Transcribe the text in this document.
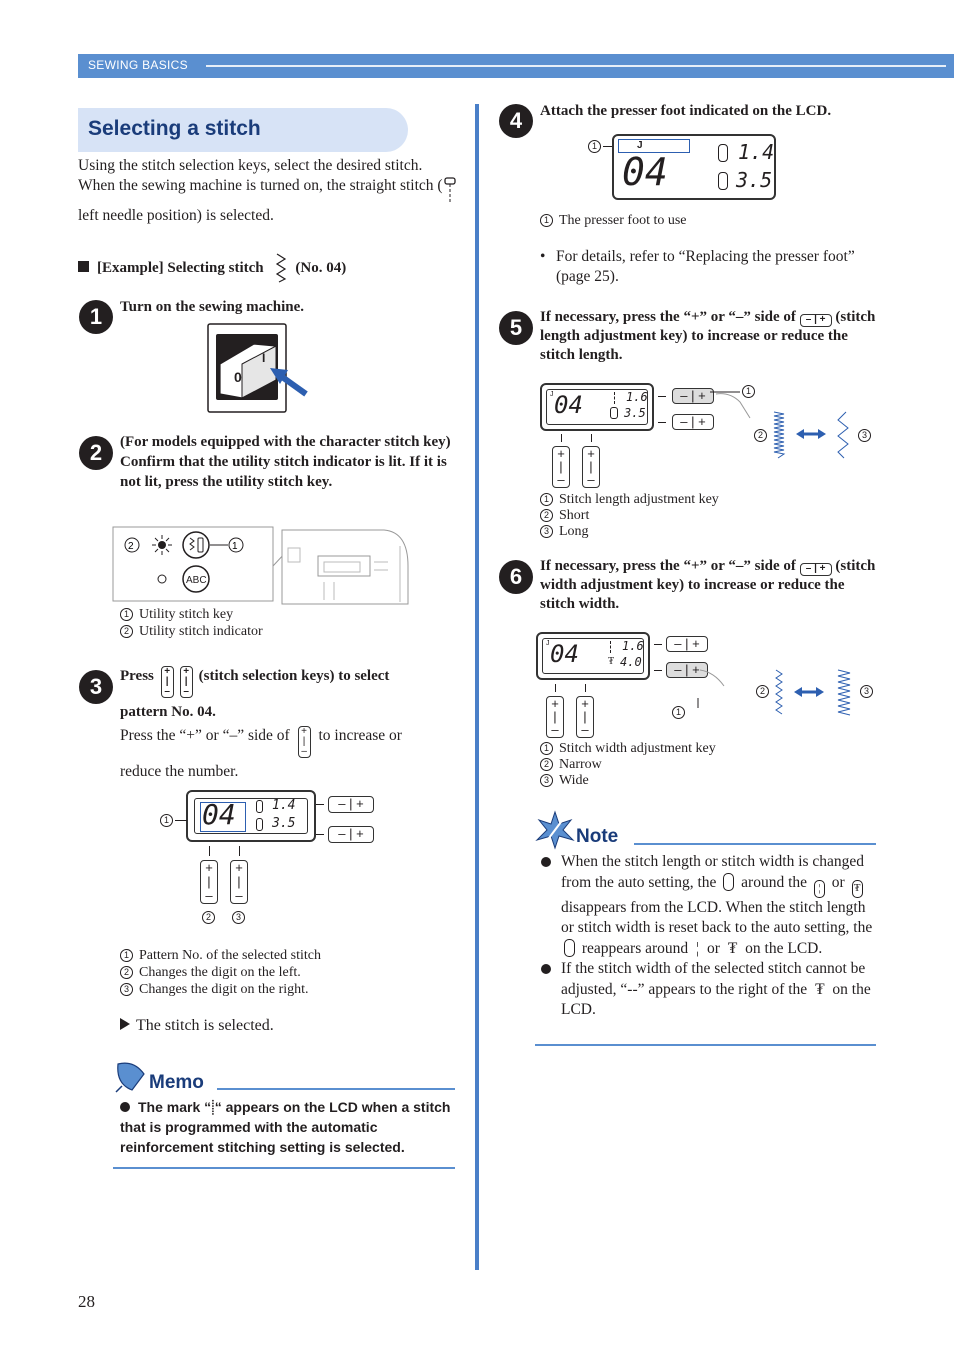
SEWING BASICS
Selecting a stitch
Using the stitch selection keys, select the desired stitch.
When the sewing machine is turned on, the straight stitch (left needle position) is selected.
[Example] Selecting stitch (No. 04)
1	Turn on the sewing machine.
0
I
2	(For models equipped with the character stitch key)
Confirm that the utility stitch indicator is lit. If it is not lit, press the utility stitch key.
2	1
ABC
1 Utility stitch key
2 Utility stitch indicator
3	Press +
|
–+
|
–(stitch selection keys) to select
pattern No. 04.
Press the “+” or “–” side of +
|
– to increase or
reduce the number.
04	1.4
3.5
1
– | +
– | +
+
|
–
+
|
–
2	3
1 Pattern No. of the selected stitch
2 Changes the digit on the left.
3 Changes the digit on the right.
The stitch is selected.
Memo
The mark “⸽“ appears on the LCD when a stitch that is programmed with the automatic reinforcement stitching setting is selected.
28
4	Attach the presser foot indicated on the LCD.
1	J
04	1.4
3.5
1 The presser foot to use
• For details, refer to “Replacing the presser foot” (page 25).
5	If necessary, press the “+” or “–” side of – | + (stitch length adjustment key) to increase or reduce the stitch length.
J 04	1.6
3.5
– | +
– | +
1
+
|
–
+
|
–
2	3
1 Stitch length adjustment key
2 Short
3 Long
6	If necessary, press the “+” or “–” side of – | + (stitch width adjustment key) to increase or reduce the stitch width.
J 04	₮
1.6
4.0
– | +
– | +
1
+
|
–
+
|
–
2	3
1 Stitch width adjustment key
2 Narrow
3 Wide
Note
When the stitch length or stitch width is changed from the auto setting, the around the ¦ or ₮ disappears from the LCD. When the stitch length or stitch width is reset back to the auto setting, the  reappears around ¦ or ₮ on the LCD.
If the stitch width of the selected stitch cannot be adjusted, “--” appears to the right of the ₮ on the LCD.
